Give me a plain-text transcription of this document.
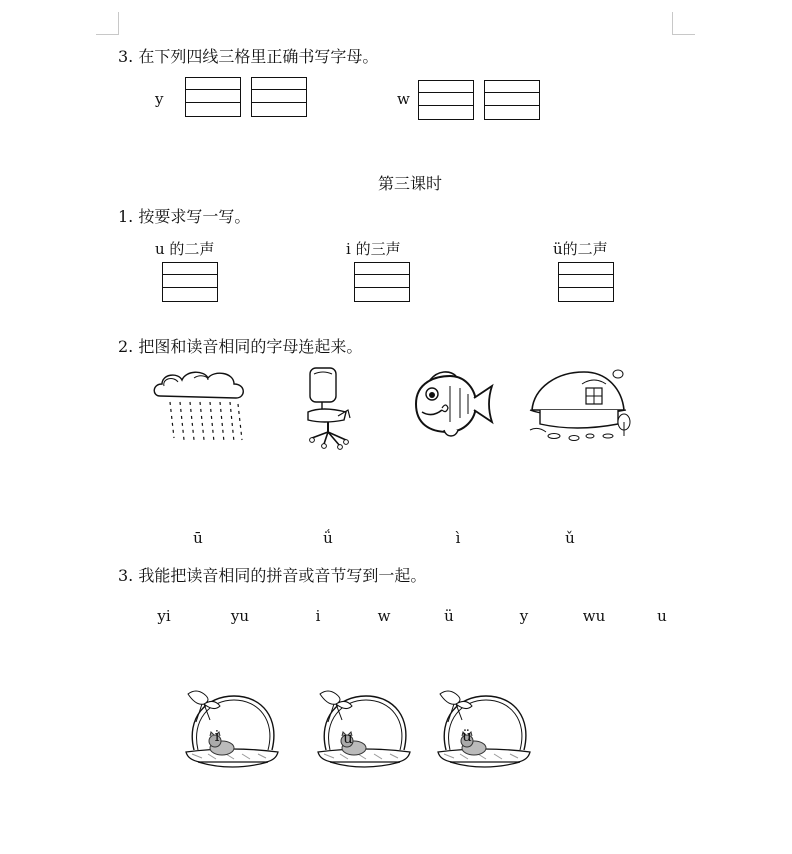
3. 在下列四线三格里正确书写字母。
y	w
第三课时
1. 按要求写一写。
u 的二声	i 的三声	ü的二声
2. 把图和读音相同的字母连起来。
ū	ǘ	ì	ǔ
3. 我能把读音相同的拼音或音节写到一起。
yi	yu	i	w	ü	y	wu	u
i	u	ü
